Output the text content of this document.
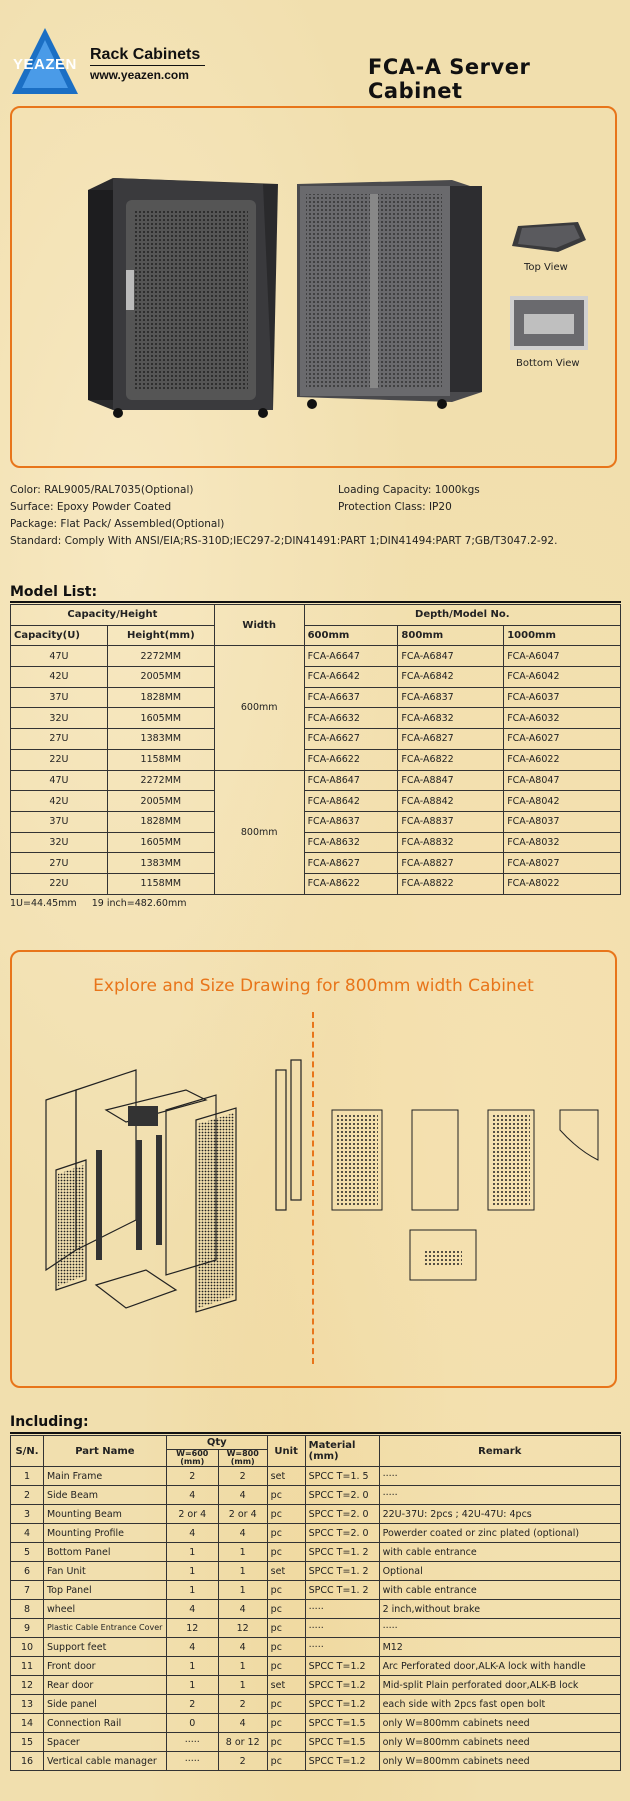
YEAZEN
Rack Cabinets
www.yeazen.com	FCA-A Server Cabinet
Top View
Bottom View
Color: RAL9005/RAL7035(Optional)	Loading Capacity: 1000kgs
Surface: Epoxy Powder Coated	Protection Class: IP20
Package: Flat Pack/ Assembled(Optional)
Standard: Comply With ANSI/EIA;RS-310D;IEC297-2;DIN41491:PART 1;DIN41494:PART 7;GB/T3047.2-92.
Model List:
Capacity/Height		Width	Depth/Model No.		
Capacity(U)	Height(mm)		600mm	800mm	1000mm
47U	2272MM	600mm	FCA-A6647	FCA-A6847	FCA-A6047
42U	2005MM		FCA-A6642	FCA-A6842	FCA-A6042
37U	1828MM		FCA-A6637	FCA-A6837	FCA-A6037
32U	1605MM		FCA-A6632	FCA-A6832	FCA-A6032
27U	1383MM		FCA-A6627	FCA-A6827	FCA-A6027
22U	1158MM		FCA-A6622	FCA-A6822	FCA-A6022
47U	2272MM	800mm	FCA-A8647	FCA-A8847	FCA-A8047
42U	2005MM		FCA-A8642	FCA-A8842	FCA-A8042
37U	1828MM		FCA-A8637	FCA-A8837	FCA-A8037
32U	1605MM		FCA-A8632	FCA-A8832	FCA-A8032
27U	1383MM		FCA-A8627	FCA-A8827	FCA-A8027
22U	1158MM		FCA-A8622	FCA-A8822	FCA-A8022
1U=44.45mm     19 inch=482.60mm
Explore and Size Drawing for 800mm width Cabinet
Including:
S/N.	Part Name	Qty		Unit	Material (mm)	Remark
		W=600 (mm)	W=800 (mm)			
1	Main Frame	2	2	set	SPCC T=1. 5	·····
2	Side Beam	4	4	pc	SPCC T=2. 0	·····
3	Mounting Beam	2 or 4	2 or 4	pc	SPCC T=2. 0	22U-37U: 2pcs ; 42U-47U: 4pcs
4	Mounting Profile	4	4	pc	SPCC T=2. 0	Powerder coated or zinc plated (optional)
5	Bottom Panel	1	1	pc	SPCC T=1. 2	with cable entrance
6	Fan Unit	1	1	set	SPCC T=1. 2	Optional
7	Top Panel	1	1	pc	SPCC T=1. 2	with cable entrance
8	wheel	4	4	pc	·····	2 inch,without brake
9	Plastic Cable Entrance Cover	12	12	pc	·····	·····
10	Support feet	4	4	pc	·····	M12
11	Front door	1	1	pc	SPCC T=1.2	Arc Perforated door,ALK-A lock with handle
12	Rear door	1	1	set	SPCC T=1.2	Mid-split Plain perforated door,ALK-B lock
13	Side panel	2	2	pc	SPCC T=1.2	each side with 2pcs fast open bolt
14	Connection Rail	0	4	pc	SPCC T=1.5	only W=800mm cabinets need
15	Spacer	·····	8 or 12	pc	SPCC T=1.5	only W=800mm cabinets need
16	Vertical cable manager	·····	2	pc	SPCC T=1.2	only W=800mm cabinets need
